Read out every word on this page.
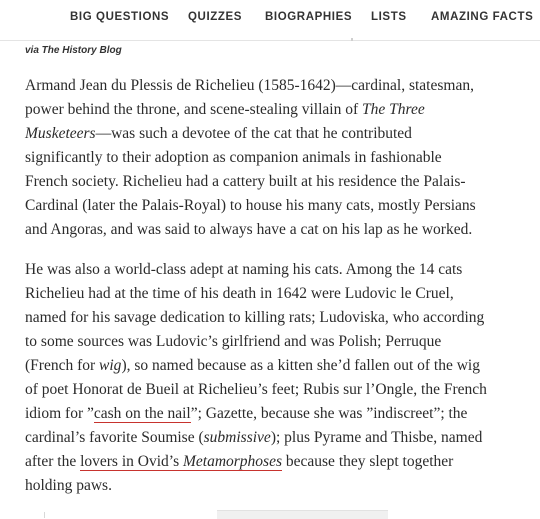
BIG QUESTIONS QUIZZES BIOGRAPHIES LISTS AMAZING FACTS
via The History Blog

Armand Jean du Plessis de Richelieu (1585-1642)—cardinal, statesman,
power behind the throne, and scene-stealing villain of The Three
Musketeers—was such a devotee of the cat that he contributed
significantly to their adoption as companion animals in fashionable
French society. Richelieu had a cattery built at his residence the Palais-
Cardinal (later the Palais-Royal) to house his many cats, mostly Persians
and Angoras, and was said to always have a cat on his lap as he worked.

He was also a world-class adept at naming his cats. Among the 14 cats
Richelieu had at the time of his death in 1642 were Ludovic le Cruel,
named for his savage dedication to killing rats; Ludoviska, who according
to some sources was Ludovic’s girlfriend and was Polish; Perruque
(French for wig), so named because as a kitten she’d fallen out of the wig
of poet Honorat de Bueil at Richelieu’s feet; Rubis sur l’Ongle, the French
idiom for ”cash on the nail”; Gazette, because she was ”indiscreet”; the
cardinal’s favorite Soumise (submissive); plus Pyrame and Thisbe, named
after the lovers in Ovid’s Metamorphoses because they slept together
holding paws.
